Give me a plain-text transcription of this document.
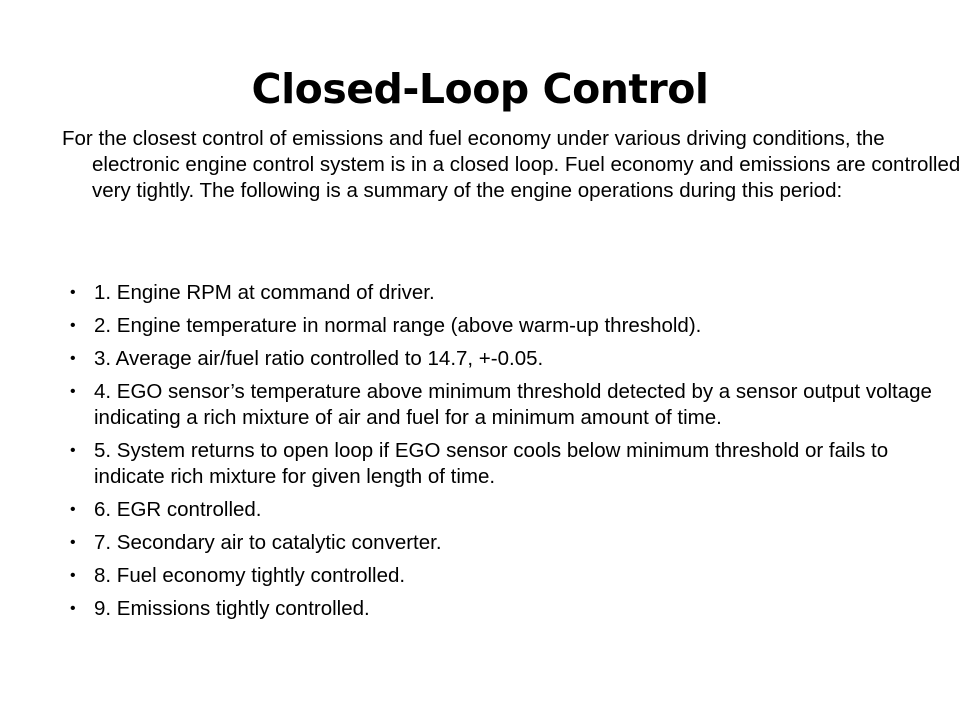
Closed-Loop Control

For the closest control of emissions and fuel economy under various driving conditions, the electronic engine control system is in a closed loop. Fuel economy and emissions are controlled very tightly. The following is a summary of the engine operations during this period:

• 1. Engine RPM at command of driver.
• 2. Engine temperature in normal range (above warm-up threshold).
• 3. Average air/fuel ratio controlled to 14.7, +-0.05.
• 4. EGO sensor’s temperature above minimum threshold detected by a sensor output voltage indicating a rich mixture of air and fuel for a minimum amount of time.
• 5. System returns to open loop if EGO sensor cools below minimum threshold or fails to indicate rich mixture for given length of time.
• 6. EGR controlled.
• 7. Secondary air to catalytic converter.
• 8. Fuel economy tightly controlled.
• 9. Emissions tightly controlled.
